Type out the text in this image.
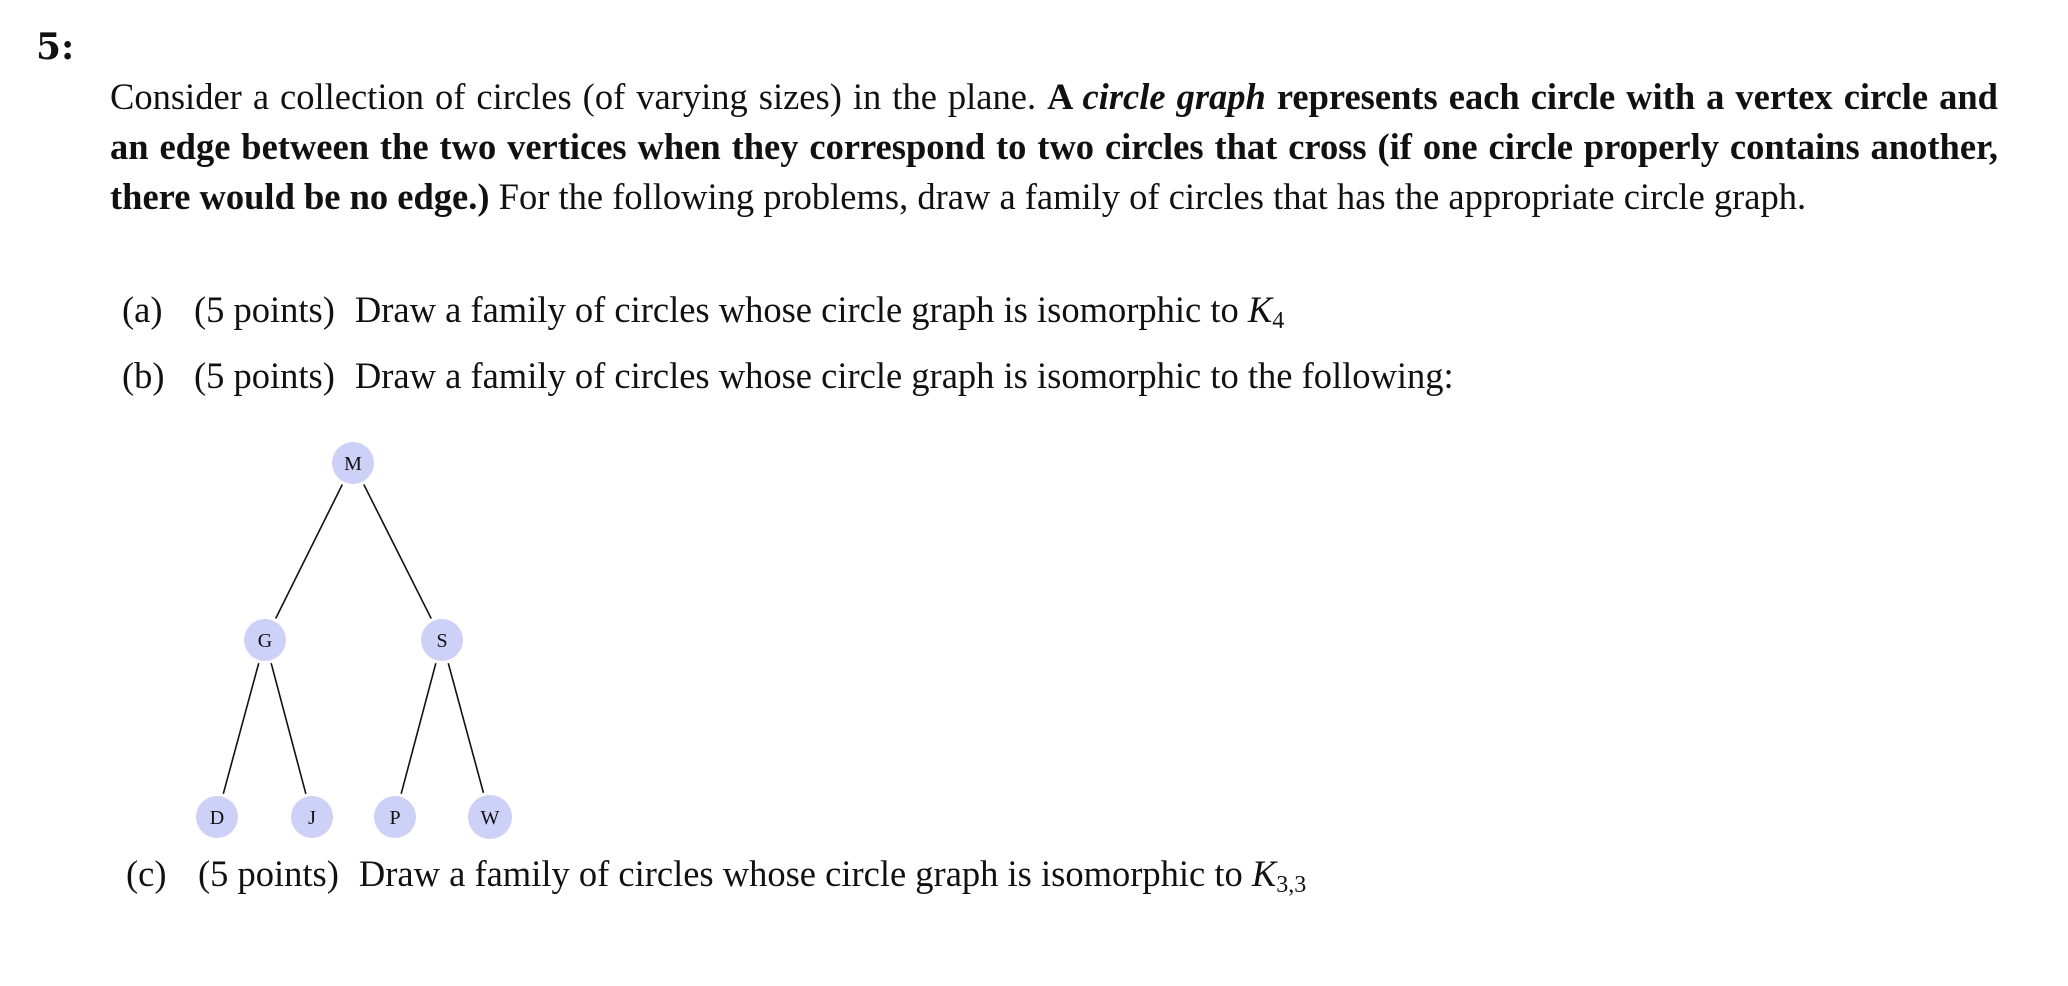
5:

Consider a collection of circles (of varying sizes) in the plane. A circle graph represents each circle with a vertex circle and an edge between the two vertices when they correspond to two circles that cross (if one circle properly contains another, there would be no edge.) For the following problems, draw a family of circles that has the appropriate circle graph.

(a) (5 points) Draw a family of circles whose circle graph is isomorphic to $K_4$
(b) (5 points) Draw a family of circles whose circle graph is isomorphic to the following:
M
G	S
D	J	P	W
(c) (5 points) Draw a family of circles whose circle graph is isomorphic to $K_{3,3}$
